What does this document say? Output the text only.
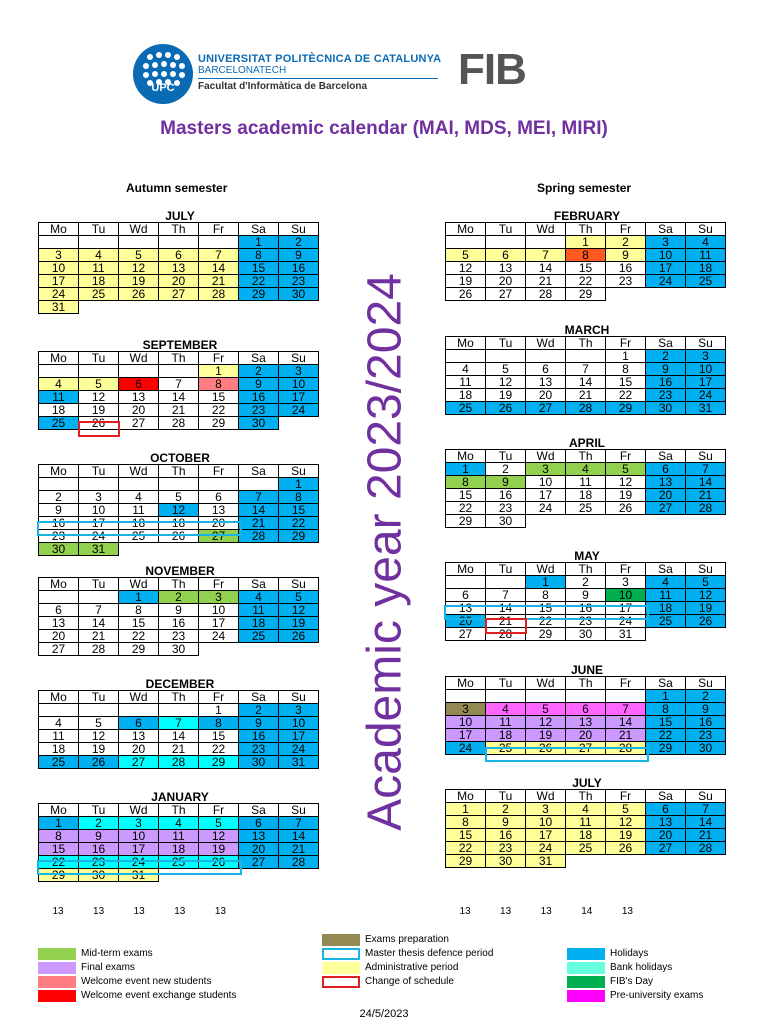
UPC
UNIVERSITAT POLITÈCNICA DE CATALUNYA
BARCELONATECH
Facultat d'Informàtica de Barcelona FIB
Masters academic calendar (MAI, MDS, MEI, MIRI)
Autumn semester	Spring semester
Academic year 2023/2024
JULY
Mo	Tu	Wd	Th	Fr	Sa	Su
					1	2
3	4	5	6	7	8	9
10	11	12	13	14	15	16
17	18	19	20	21	22	23
24	25	26	27	28	29	30
31						
SEPTEMBER
Mo	Tu	Wd	Th	Fr	Sa	Su
				1	2	3
4	5	6	7	8	9	10
11	12	13	14	15	16	17
18	19	20	21	22	23	24
25	26	27	28	29	30	
OCTOBER
Mo	Tu	Wd	Th	Fr	Sa	Su
						1
2	3	4	5	6	7	8
9	10	11	12	13	14	15
16	17	18	18	20	21	22
23	24	25	26	27	28	29
30	31					
NOVEMBER
Mo	Tu	Wd	Th	Fr	Sa	Su
		1	2	3	4	5
6	7	8	9	10	11	12
13	14	15	16	17	18	19
20	21	22	23	24	25	26
27	28	29	30			
DECEMBER
Mo	Tu	Wd	Th	Fr	Sa	Su
				1	2	3
4	5	6	7	8	9	10
11	12	13	14	15	16	17
18	19	20	21	22	23	24
25	26	27	28	29	30	31
JANUARY
Mo	Tu	Wd	Th	Fr	Sa	Su
1	2	3	4	5	6	7
8	9	10	11	12	13	14
15	16	17	18	19	20	21
22	23	24	25	26	27	28
29	30	31				
FEBRUARY
Mo	Tu	Wd	Th	Fr	Sa	Su
			1	2	3	4
5	6	7	8	9	10	11
12	13	14	15	16	17	18
19	20	21	22	23	24	25
26	27	28	29			
MARCH
Mo	Tu	Wd	Th	Fr	Sa	Su
				1	2	3
4	5	6	7	8	9	10
11	12	13	14	15	16	17
18	19	20	21	22	23	24
25	26	27	28	29	30	31
APRIL
Mo	Tu	Wd	Th	Fr	Sa	Su
1	2	3	4	5	6	7
8	9	10	11	12	13	14
15	16	17	18	19	20	21
22	23	24	25	26	27	28
29	30					
MAY
Mo	Tu	Wd	Th	Fr	Sa	Su
		1	2	3	4	5
6	7	8	9	10	11	12
13	14	15	16	17	18	19
20	21	22	23	24	25	26
27	28	29	30	31		
JUNE
Mo	Tu	Wd	Th	Fr	Sa	Su
					1	2
3	4	5	6	7	8	9
10	11	12	13	14	15	16
17	18	19	20	21	22	23
24	25	26	27	28	29	30
JULY
Mo	Tu	Wd	Th	Fr	Sa	Su
1	2	3	4	5	6	7
8	9	10	11	12	13	14
15	16	17	18	19	20	21
22	23	24	25	26	27	28
29	30	31				
13	13	13	13	13	13	13	13	14	13
Mid-term exams
Final exams
Welcome event new students
Welcome event exchange students
Exams preparation
Master thesis defence period
Administrative period
Change of schedule
Holidays
Bank holidays
FIB's Day
Pre-university exams
24/5/2023
